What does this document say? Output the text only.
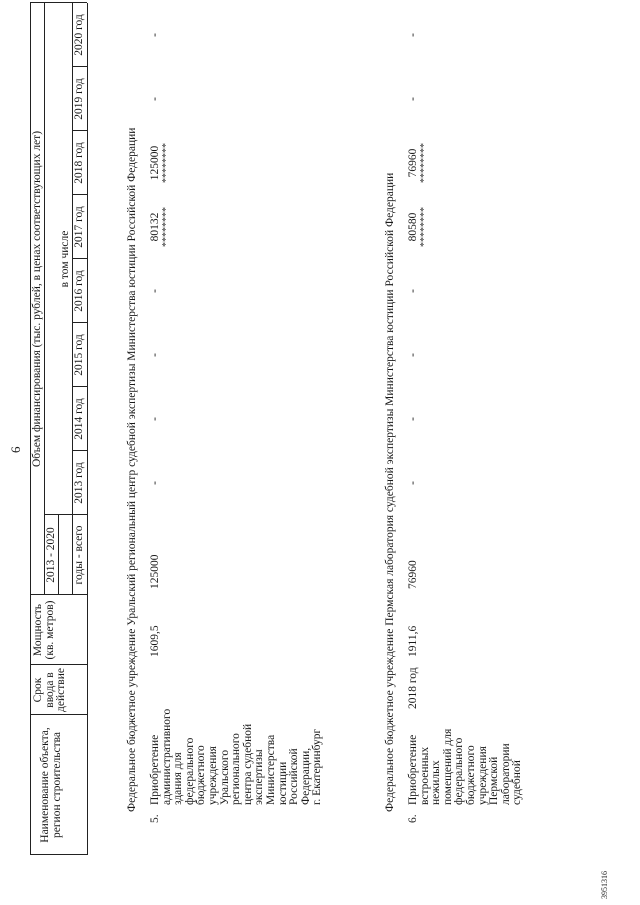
6
Наименование объекта, регион строительства
Срок ввода в действие
Мощность (кв. метров)
Объем финансирования (тыс. рублей, в ценах соответствующих лет)
2013 - 2020 годы - всего
в том числе
2013 год
2014 год
2015 год
2016 год
2017 год
2018 год
2019 год
2020 год
Федеральное бюджетное учреждение Уральский региональный центр судебной экспертизы Министерства юстиции Российской Федерации
5.
Приобретение
административного
здания для
федерального
бюджетного
учреждения
Уральского
регионального
центра судебной
экспертизы
Министерства
юстиции
Российской
Федерации,
г. Екатеринбург
1609,5
125000
-
-
-
-
80132
125000
-
-
********
********
Федеральное бюджетное учреждение Пермская лаборатория судебной экспертизы Министерства юстиции Российской Федерации
6.
Приобретение
встроенных
нежилых
помещений для
федерального
бюджетного
учреждения
Пермской
лаборатории
судебной
2018 год
1911,6
76960
-
-
-
-
80580
76960
-
-
********
********
3951316
